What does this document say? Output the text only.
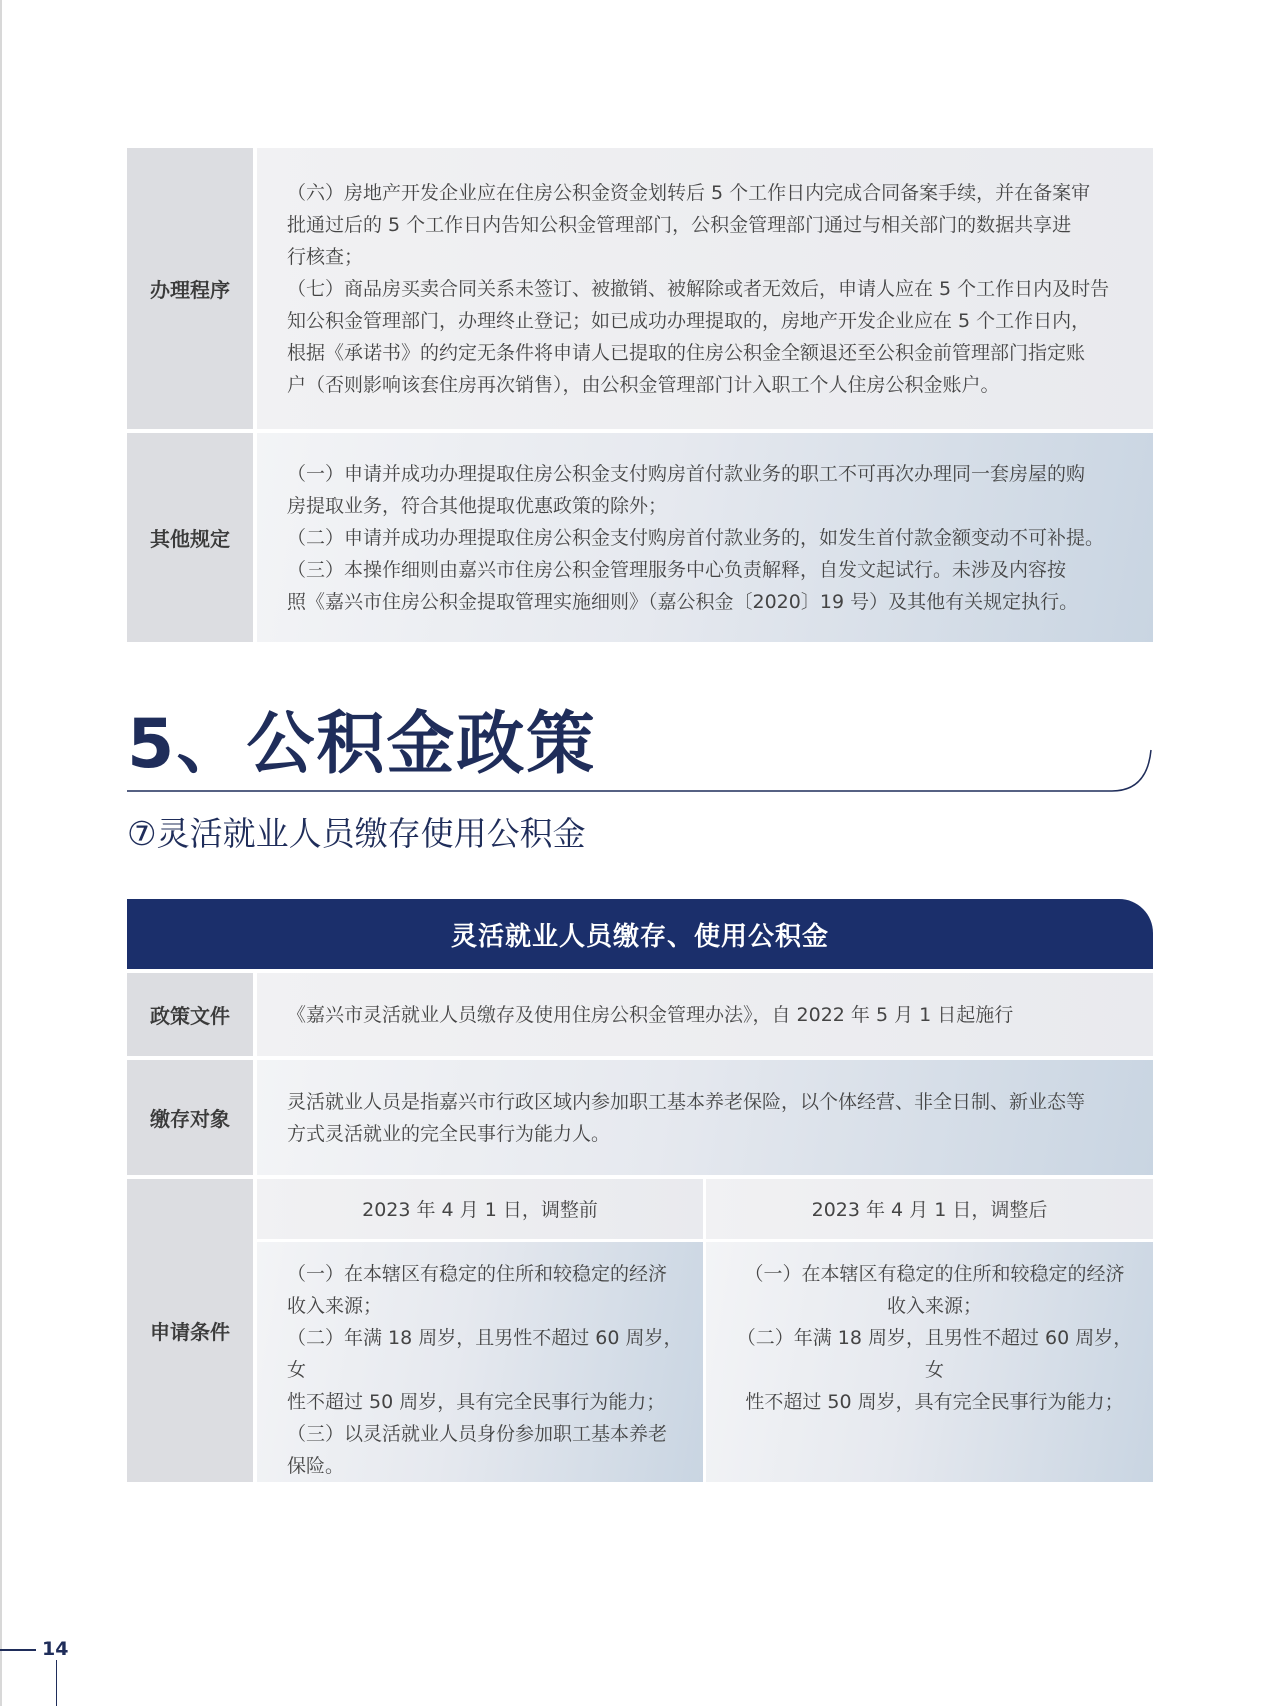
办理程序
（六）房地产开发企业应在住房公积金资金划转后 5 个工作日内完成合同备案手续，并在备案审
批通过后的 5 个工作日内告知公积金管理部门，公积金管理部门通过与相关部门的数据共享进
行核查；
（七）商品房买卖合同关系未签订、被撤销、被解除或者无效后，申请人应在 5 个工作日内及时告
知公积金管理部门，办理终止登记；如已成功办理提取的，房地产开发企业应在 5 个工作日内，
根据《承诺书》的约定无条件将申请人已提取的住房公积金全额退还至公积金前管理部门指定账
户（否则影响该套住房再次销售），由公积金管理部门计入职工个人住房公积金账户。
其他规定
（一）申请并成功办理提取住房公积金支付购房首付款业务的职工不可再次办理同一套房屋的购
房提取业务，符合其他提取优惠政策的除外；
（二）申请并成功办理提取住房公积金支付购房首付款业务的，如发生首付款金额变动不可补提。
（三）本操作细则由嘉兴市住房公积金管理服务中心负责解释，自发文起试行。未涉及内容按
照《嘉兴市住房公积金提取管理实施细则》（嘉公积金〔2020〕19 号）及其他有关规定执行。
5、公积金政策
⑦灵活就业人员缴存使用公积金
灵活就业人员缴存、使用公积金
政策文件	《嘉兴市灵活就业人员缴存及使用住房公积金管理办法》，自 2022 年 5 月 1 日起施行
缴存对象
灵活就业人员是指嘉兴市行政区域内参加职工基本养老保险，以个体经营、非全日制、新业态等
方式灵活就业的完全民事行为能力人。
申请条件
2023 年 4 月 1 日，调整前	2023 年 4 月 1 日，调整后
（一）在本辖区有稳定的住所和较稳定的经济
收入来源；
（二）年满 18 周岁，且男性不超过 60 周岁，女
性不超过 50 周岁，具有完全民事行为能力；
（三）以灵活就业人员身份参加职工基本养老
保险。
（一）在本辖区有稳定的住所和较稳定的经济
收入来源；
（二）年满 18 周岁，且男性不超过 60 周岁，女
性不超过 50 周岁，具有完全民事行为能力；
14
